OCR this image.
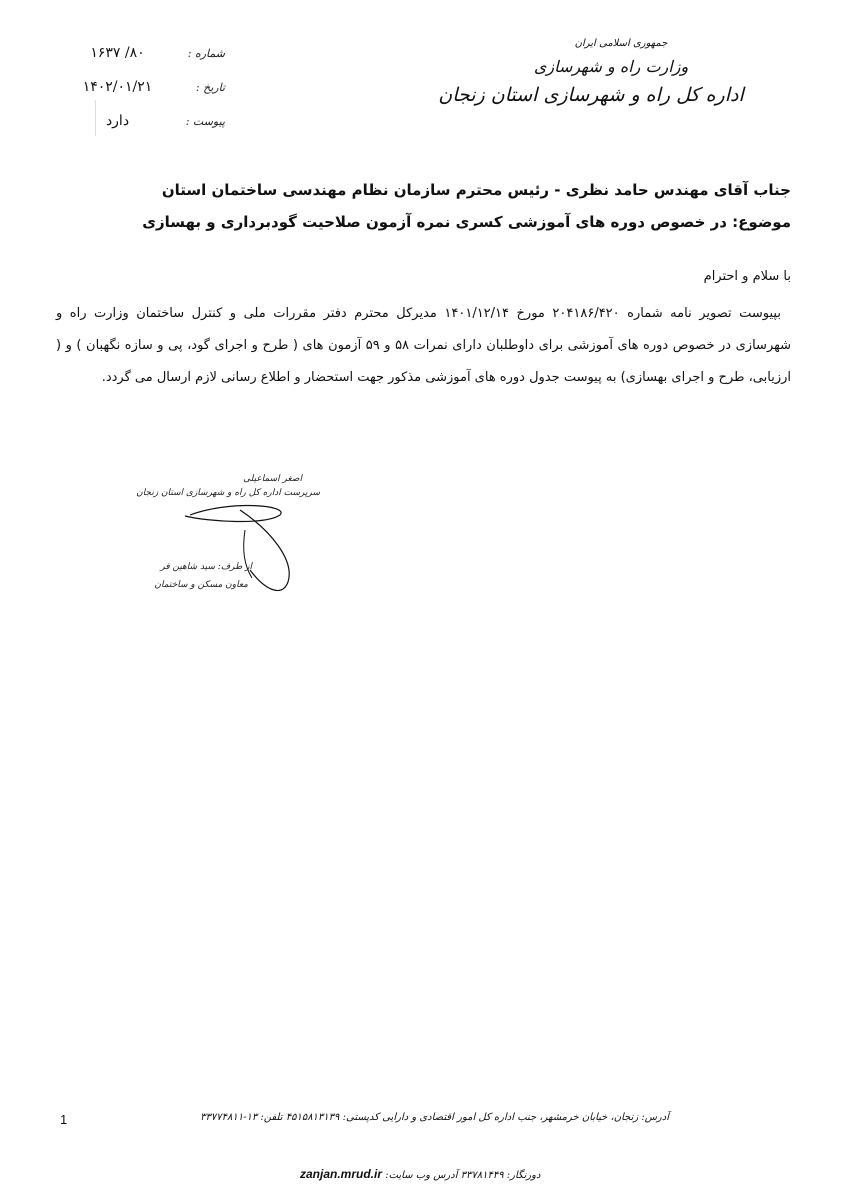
شماره :
۸۰/ ۱۶۳۷
تاریخ :
۱۴۰۲/۰۱/۲۱
پیوست :
دارد
جمهوری اسلامی ایران
وزارت راه و شهرسازی
اداره کل راه و شهرسازی استان زنجان
جناب آقای مهندس حامد نظری - رئیس محترم سازمان نظام مهندسی ساختمان استان
موضوع: در خصوص دوره های آموزشی کسری نمره آزمون صلاحیت گودبرداری و بهسازی
با سلام و احترام
بپیوست تصویر نامه شماره ۲۰۴۱۸۶/۴۲۰ مورخ ۱۴۰۱/۱۲/۱۴ مدیرکل محترم دفتر مقررات ملی و کنترل ساختمان وزارت راه و شهرسازی در خصوص دوره های آموزشی برای داوطلبان دارای نمرات ۵۸ و ۵۹ آزمون های ( طرح و اجرای گود، پی و سازه نگهبان ) و ( ارزیابی، طرح و اجرای بهسازی) به پیوست جدول دوره های آموزشی مذکور جهت استحضار و اطلاع رسانی لازم ارسال می گردد.
اصغر اسماعیلی
سرپرست اداره کل راه و شهرسازی استان زنجان
از طرف: سید شاهین فر
معاون مسکن و ساختمان
1	آدرس: زنجان، خیابان خرمشهر، جنب اداره کل امور اقتصادی و دارایی کدپستی: ۴۵۱۵۸۱۳۱۳۹ تلفن: ۱۳-۳۳۷۷۴۸۱۱
دورنگار: ۳۳۷۸۱۴۴۹ آدرس وب سایت: zanjan.mrud.ir
